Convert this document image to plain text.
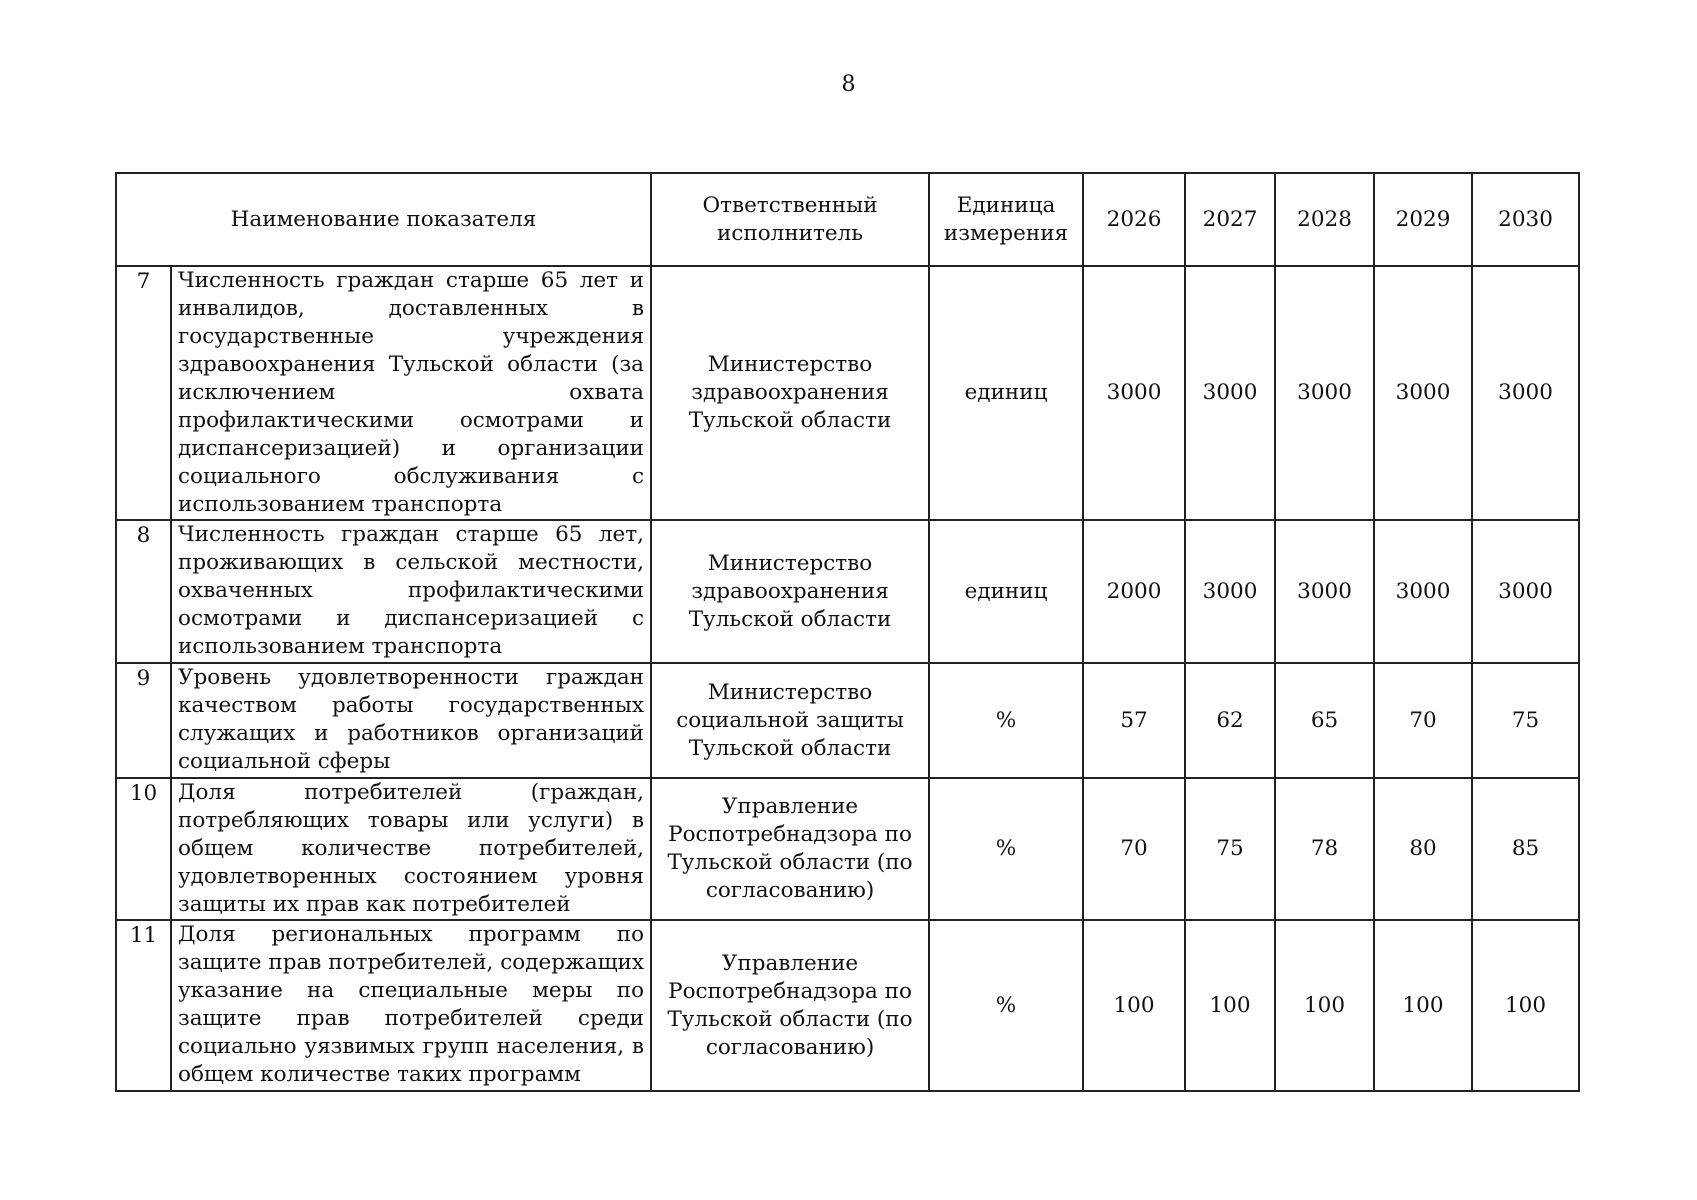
8
Наименование показателя		Ответственный исполнитель	Единица измерения	2026	2027	2028	2029	2030
7	Численность граждан старше 65 лет и инвалидов, доставленных в государственные учреждения здравоохранения Тульской области (за исключением охвата профилактическими осмотрами и диспансеризацией) и организации социального обслуживания с использованием транспорта	Министерство здравоохранения Тульской области	единиц	3000	3000	3000	3000	3000
8	Численность граждан старше 65 лет, проживающих в сельской местности, охваченных профилактическими осмотрами и диспансеризацией с использованием транспорта	Министерство здравоохранения Тульской области	единиц	2000	3000	3000	3000	3000
9	Уровень удовлетворенности граждан качеством работы государственных служащих и работников организаций социальной сферы	Министерство социальной защиты Тульской области	%	57	62	65	70	75
10	Доля потребителей (граждан, потребляющих товары или услуги) в общем количестве потребителей, удовлетворенных состоянием уровня защиты их прав как потребителей	Управление Роспотребнадзора по Тульской области (по согласованию)	%	70	75	78	80	85
11	Доля региональных программ по защите прав потребителей, содержащих указание на специальные меры по защите прав потребителей среди социально уязвимых групп населения, в общем количестве таких программ	Управление Роспотребнадзора по Тульской области (по согласованию)	%	100	100	100	100	100
